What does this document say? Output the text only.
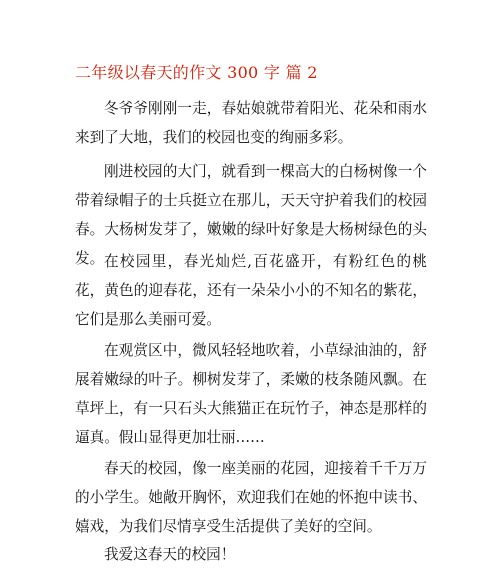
二年级以春天的作文 300 字 篇 2

冬爷爷刚刚一走，春姑娘就带着阳光、花朵和雨水来到了大地，我们的校园也变的绚丽多彩。

刚进校园的大门，就看到一棵高大的白杨树像一个带着绿帽子的士兵挺立在那儿，天天守护着我们的校园春。大杨树发芽了，嫩嫩的绿叶好象是大杨树绿色的头发。 在校园里，春光灿烂,百花盛开，有粉红色的桃花，黄色的迎春花，还有一朵朵小小的不知名的紫花，它们是那么美丽可爱。

在观赏区中，微风轻轻地吹着，小草绿油油的，舒展着嫩绿的叶子。柳树发芽了，柔嫩的枝条随风飘。在草坪上，有一只石头大熊猫正在玩竹子，神态是那样的逼真。假山显得更加壮丽……

春天的校园，像一座美丽的花园，迎接着千千万万的小学生。她敞开胸怀，欢迎我们在她的怀抱中读书、嬉戏，为我们尽情享受生活提供了美好的空间。

我爱这春天的校园！
